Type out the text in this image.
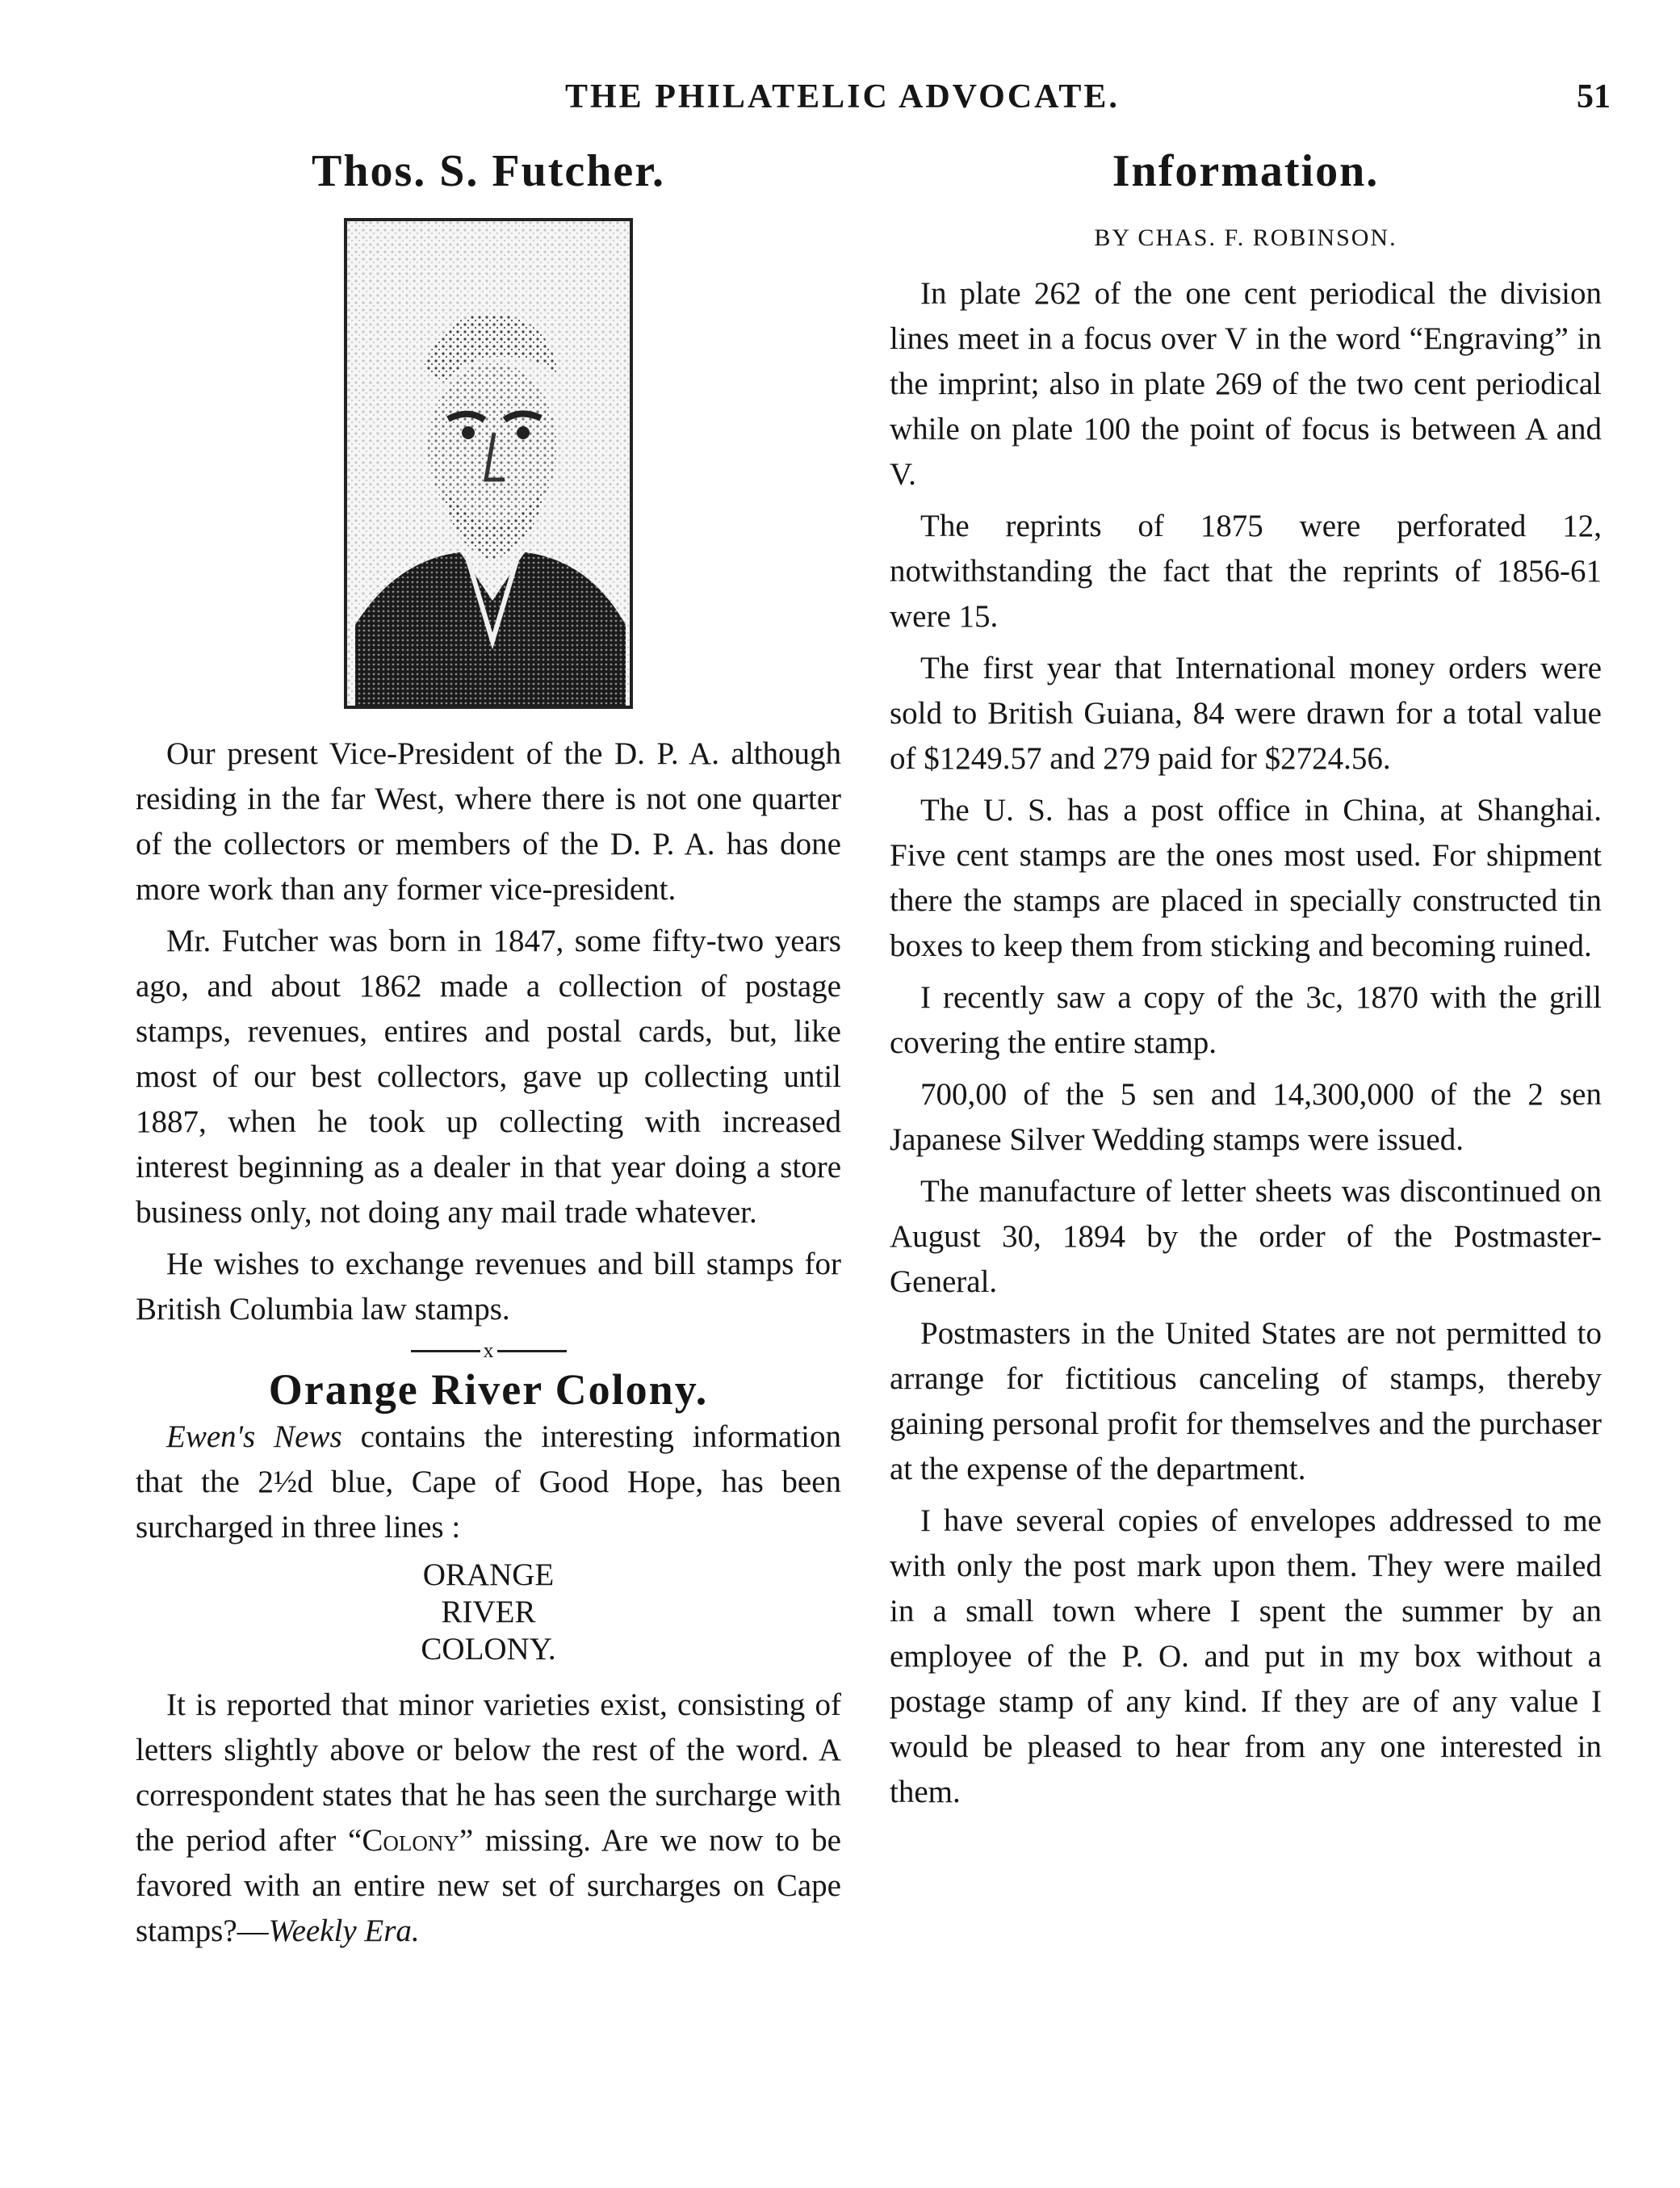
THE PHILATELIC ADVOCATE.	51
Thos. S. Futcher.

Our present Vice-President of the D. P. A. although residing in the far West, where there is not one quarter of the collectors or members of the D. P. A. has done more work than any former vice-president.

Mr. Futcher was born in 1847, some fifty-two years ago, and about 1862 made a collection of postage stamps, revenues, entires and postal cards, but, like most of our best collectors, gave up collecting until 1887, when he took up collecting with increased interest beginning as a dealer in that year doing a store business only, not doing any mail trade whatever.

He wishes to exchange revenues and bill stamps for British Columbia law stamps.

x
Orange River Colony.

Ewen's News contains the interesting information that the 2½d blue, Cape of Good Hope, has been surcharged in three lines :

ORANGE
RIVER
COLONY.

It is reported that minor varieties exist, consisting of letters slightly above or below the rest of the word. A correspondent states that he has seen the surcharge with the period after “Colony” missing. Are we now to be favored with an entire new set of surcharges on Cape stamps?—Weekly Era.

Information.
BY CHAS. F. ROBINSON.

In plate 262 of the one cent periodical the division lines meet in a focus over V in the word “Engraving” in the imprint; also in plate 269 of the two cent periodical while on plate 100 the point of focus is between A and V.

The reprints of 1875 were perforated 12, notwithstanding the fact that the reprints of 1856-61 were 15.

The first year that International money orders were sold to British Guiana, 84 were drawn for a total value of $1249.57 and 279 paid for $2724.56.

The U. S. has a post office in China, at Shanghai. Five cent stamps are the ones most used. For shipment there the stamps are placed in specially constructed tin boxes to keep them from sticking and becoming ruined.

I recently saw a copy of the 3c, 1870 with the grill covering the entire stamp.

700,00 of the 5 sen and 14,300,000 of the 2 sen Japanese Silver Wedding stamps were issued.

The manufacture of letter sheets was discontinued on August 30, 1894 by the order of the Postmaster-General.

Postmasters in the United States are not permitted to arrange for fictitious canceling of stamps, thereby gaining personal profit for themselves and the purchaser at the expense of the department.

I have several copies of envelopes addressed to me with only the post mark upon them. They were mailed in a small town where I spent the summer by an employee of the P. O. and put in my box without a postage stamp of any kind. If they are of any value I would be pleased to hear from any one interested in them.
